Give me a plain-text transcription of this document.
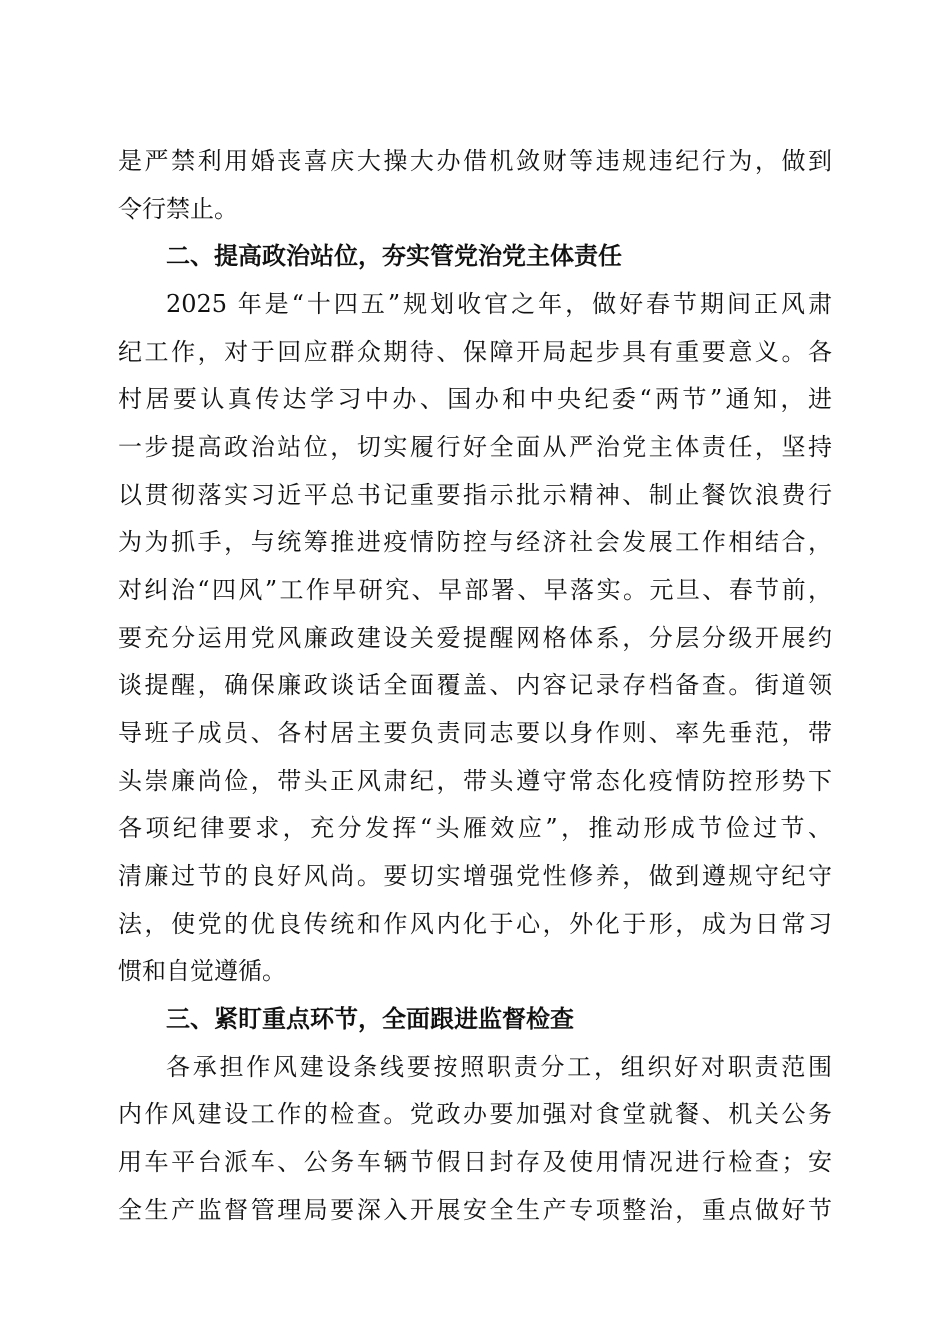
是严禁利用婚丧喜庆大操大办借机敛财等违规违纪行为，做到
令行禁止。
二、提高政治站位，夯实管党治党主体责任
2025 年是“十四五”规划收官之年，做好春节期间正风肃
纪工作，对于回应群众期待、保障开局起步具有重要意义。各
村居要认真传达学习中办、国办和中央纪委“两节”通知，进
一步提高政治站位，切实履行好全面从严治党主体责任，坚持
以贯彻落实习近平总书记重要指示批示精神、制止餐饮浪费行
为为抓手，与统筹推进疫情防控与经济社会发展工作相结合，
对纠治“四风”工作早研究、早部署、早落实。元旦、春节前，
要充分运用党风廉政建设关爱提醒网格体系，分层分级开展约
谈提醒，确保廉政谈话全面覆盖、内容记录存档备查。街道领
导班子成员、各村居主要负责同志要以身作则、率先垂范，带
头崇廉尚俭，带头正风肃纪，带头遵守常态化疫情防控形势下
各项纪律要求，充分发挥“头雁效应”，推动形成节俭过节、
清廉过节的良好风尚。要切实增强党性修养，做到遵规守纪守
法，使党的优良传统和作风内化于心，外化于形，成为日常习
惯和自觉遵循。
三、紧盯重点环节，全面跟进监督检查
各承担作风建设条线要按照职责分工，组织好对职责范围
内作风建设工作的检查。党政办要加强对食堂就餐、机关公务
用车平台派车、公务车辆节假日封存及使用情况进行检查；安
全生产监督管理局要深入开展安全生产专项整治，重点做好节
